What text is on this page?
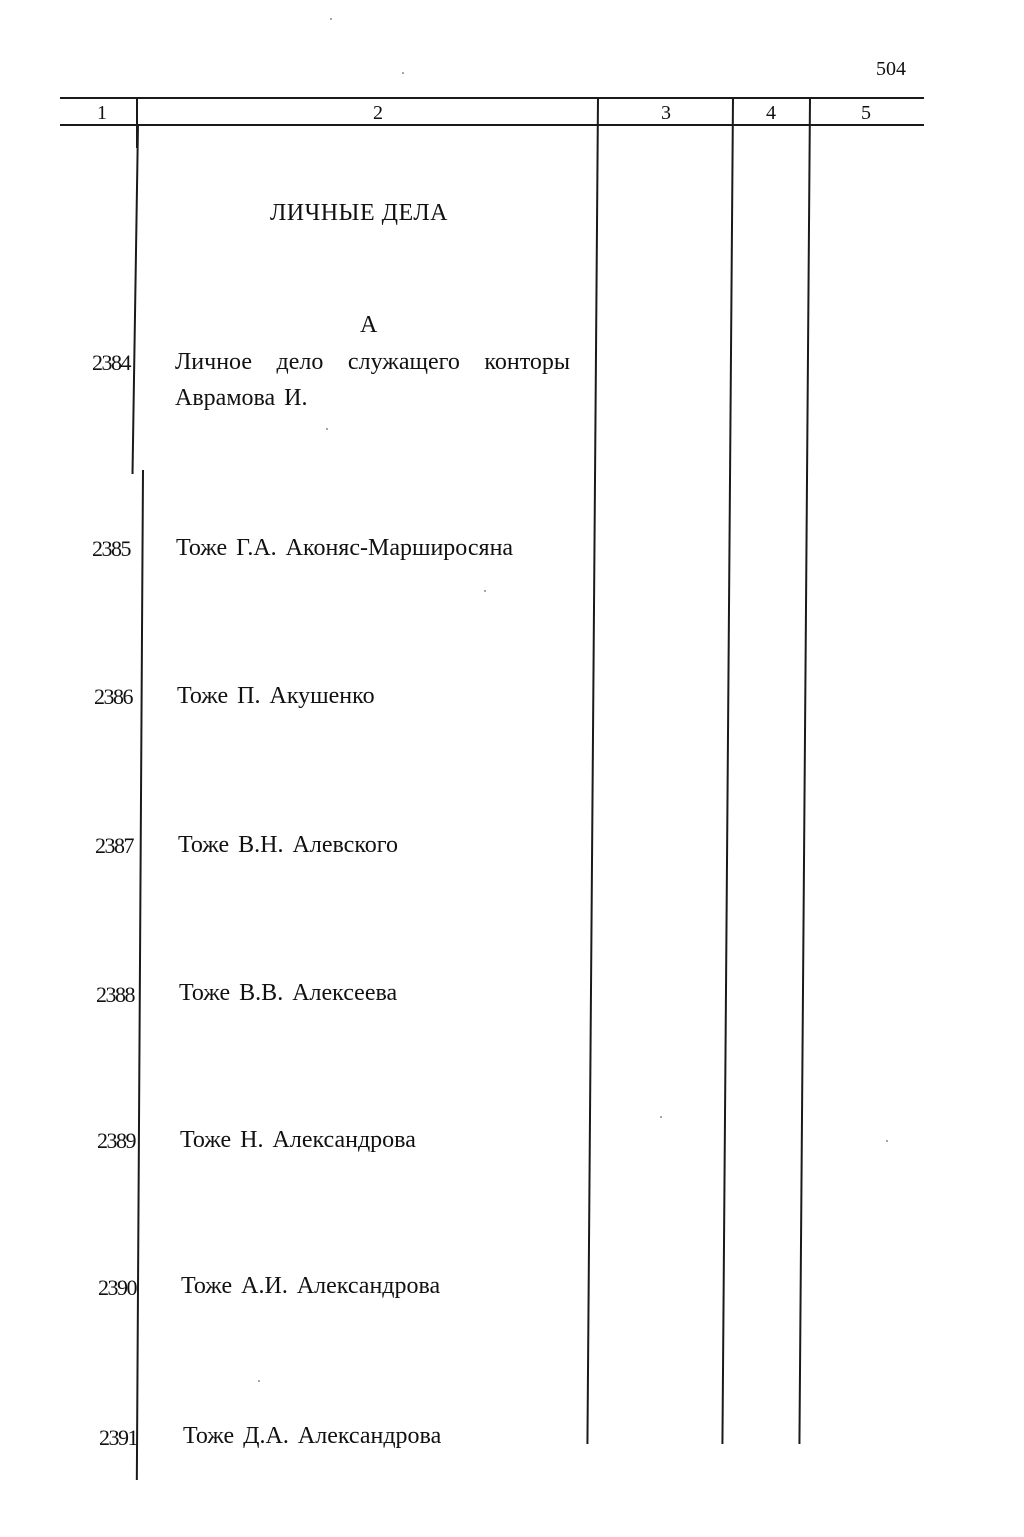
504
1	2	3	4	5
ЛИЧНЫЕ ДЕЛА
А
2384 Личное дело служащего конторы Аврамова И.
2385 Тоже Г.А. Аконяс-Марширосяна
2386 Тоже П. Акушенко
2387 Тоже В.Н. Алевского
2388 Тоже В.В. Алексеева
2389 Тоже Н. Александрова
2390 Тоже А.И. Александрова
2391 Тоже Д.А. Александрова
